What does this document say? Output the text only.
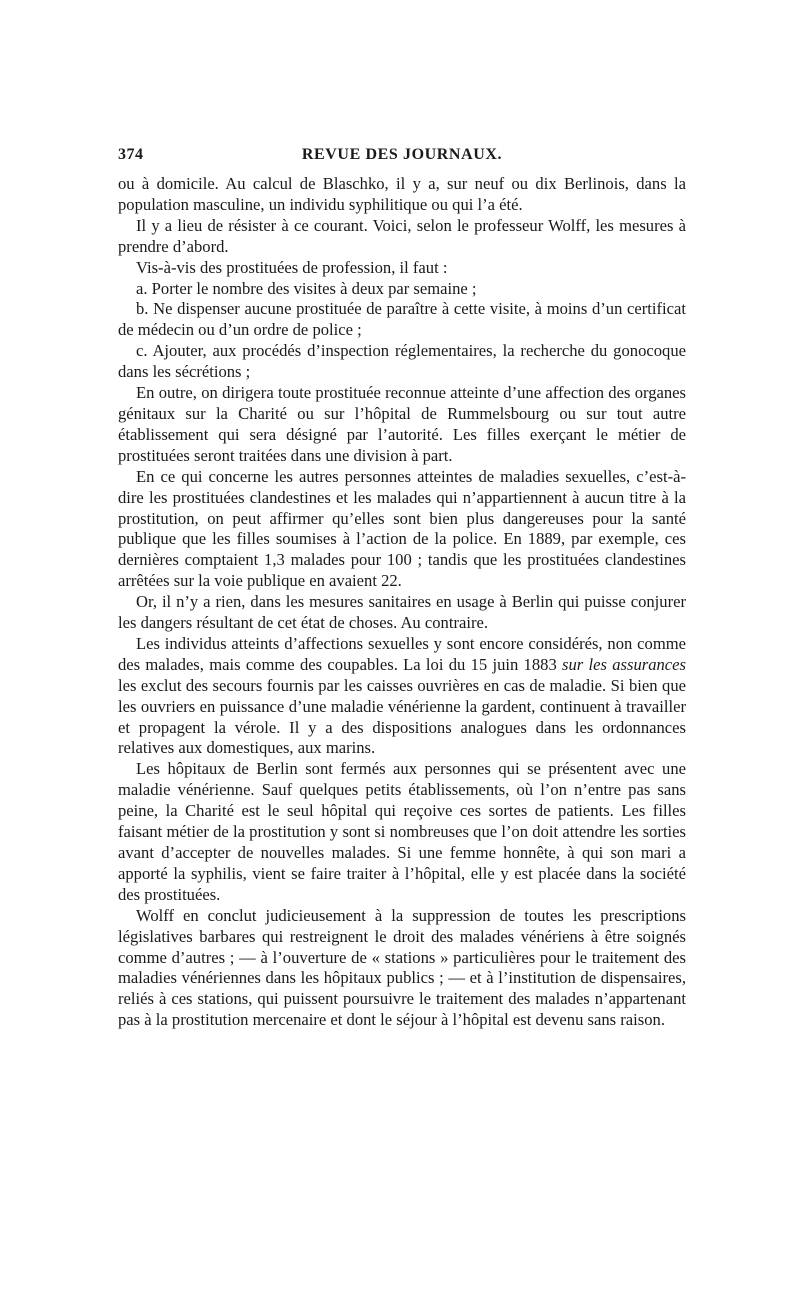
374	REVUE DES JOURNAUX.

ou à domicile. Au calcul de Blaschko, il y a, sur neuf ou dix Berlinois, dans la population masculine, un individu syphilitique ou qui l’a été.

Il y a lieu de résister à ce courant. Voici, selon le professeur Wolff, les mesures à prendre d’abord.

Vis-à-vis des prostituées de profession, il faut :

a. Porter le nombre des visites à deux par semaine ;

b. Ne dispenser aucune prostituée de paraître à cette visite, à moins d’un certificat de médecin ou d’un ordre de police ;

c. Ajouter, aux procédés d’inspection réglementaires, la recherche du gonocoque dans les sécrétions ;

En outre, on dirigera toute prostituée reconnue atteinte d’une affection des organes génitaux sur la Charité ou sur l’hôpital de Rummelsbourg ou sur tout autre établissement qui sera désigné par l’autorité. Les filles exerçant le métier de prostituées seront traitées dans une division à part.

En ce qui concerne les autres personnes atteintes de maladies sexuelles, c’est-à-dire les prostituées clandestines et les malades qui n’appartiennent à aucun titre à la prostitution, on peut affirmer qu’elles sont bien plus dangereuses pour la santé publique que les filles soumises à l’action de la police. En 1889, par exemple, ces dernières comptaient 1,3 malades pour 100 ; tandis que les prostituées clandestines arrêtées sur la voie publique en avaient 22.

Or, il n’y a rien, dans les mesures sanitaires en usage à Berlin qui puisse conjurer les dangers résultant de cet état de choses. Au contraire.

Les individus atteints d’affections sexuelles y sont encore considérés, non comme des malades, mais comme des coupables. La loi du 15 juin 1883 sur les assurances les exclut des secours fournis par les caisses ouvrières en cas de maladie. Si bien que les ouvriers en puissance d’une maladie vénérienne la gardent, continuent à travailler et propagent la vérole. Il y a des dispositions analogues dans les ordonnances relatives aux domestiques, aux marins.

Les hôpitaux de Berlin sont fermés aux personnes qui se présentent avec une maladie vénérienne. Sauf quelques petits établissements, où l’on n’entre pas sans peine, la Charité est le seul hôpital qui reçoive ces sortes de patients. Les filles faisant métier de la prostitution y sont si nombreuses que l’on doit attendre les sorties avant d’accepter de nouvelles malades. Si une femme honnête, à qui son mari a apporté la syphilis, vient se faire traiter à l’hôpital, elle y est placée dans la société des prostituées.

Wolff en conclut judicieusement à la suppression de toutes les prescriptions législatives barbares qui restreignent le droit des malades vénériens à être soignés comme d’autres ; — à l’ouverture de « stations » particulières pour le traitement des maladies vénériennes dans les hôpitaux publics ; — et à l’institution de dispensaires, reliés à ces stations, qui puissent poursuivre le traitement des malades n’appartenant pas à la prostitution mercenaire et dont le séjour à l’hôpital est devenu sans raison.
